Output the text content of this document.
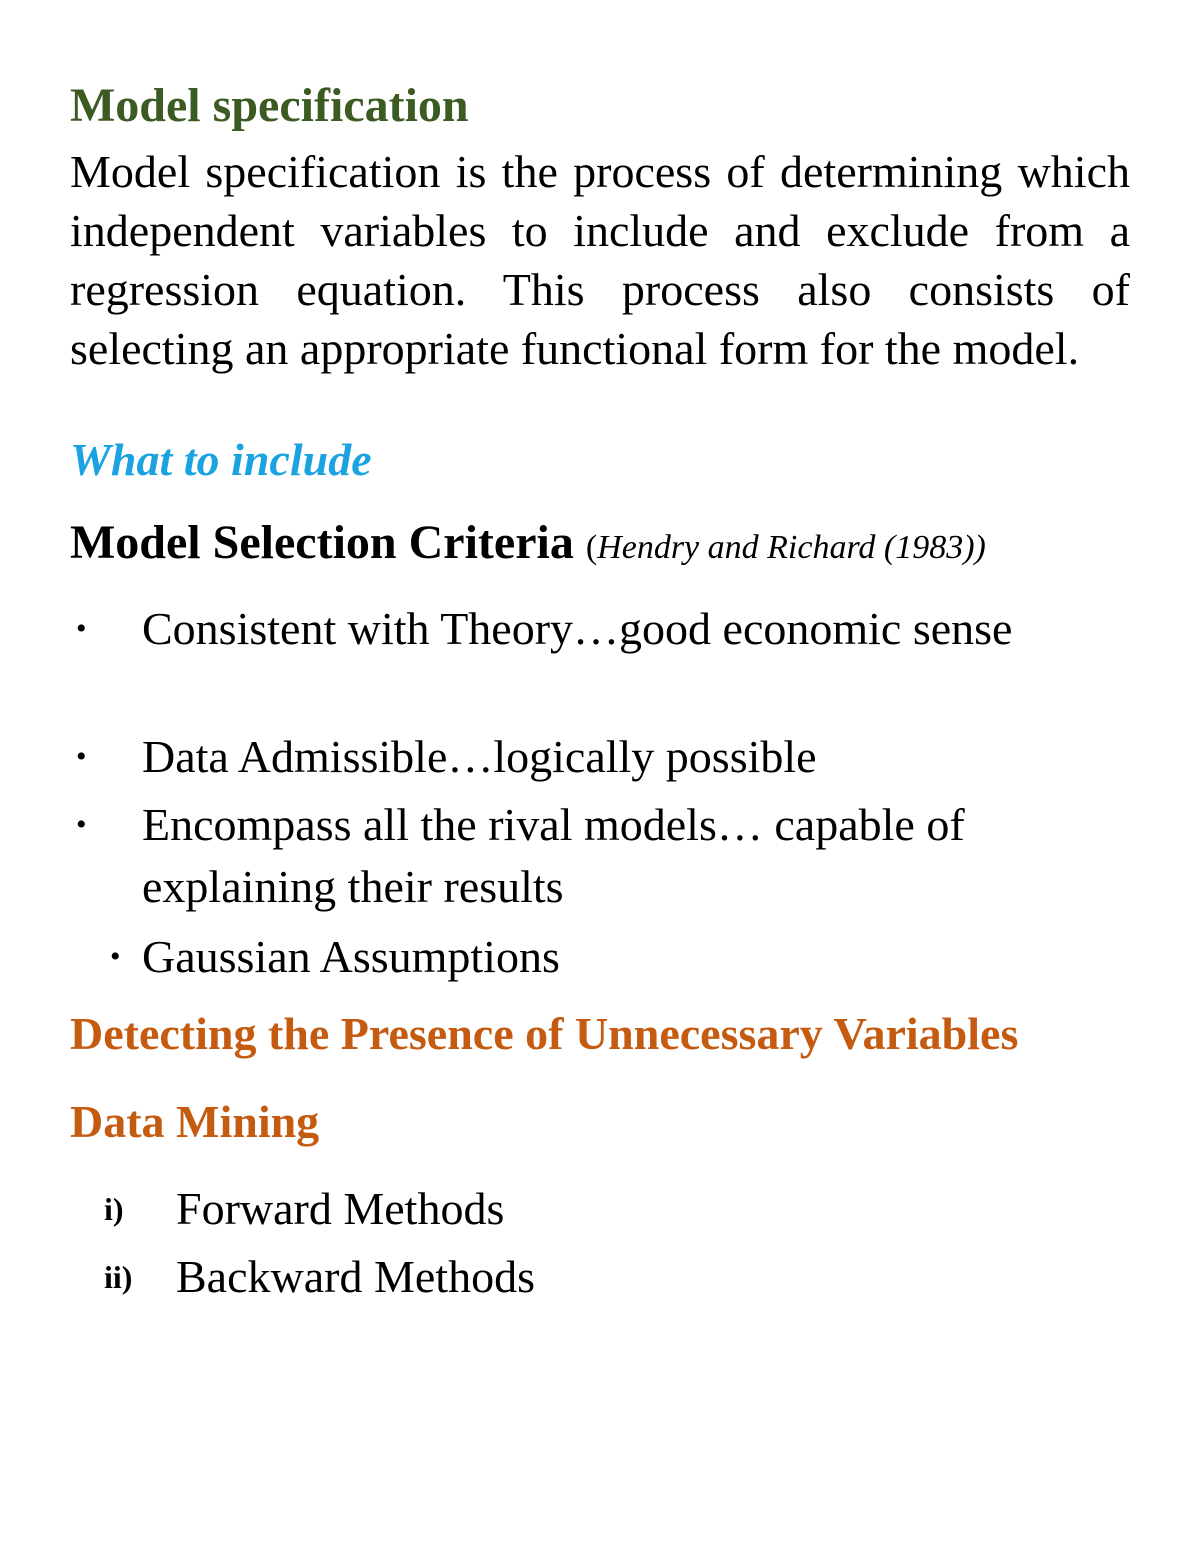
Model specification

Model specification is the process of determining which independent variables to include and exclude from a regression equation. This process also consists of selecting an appropriate functional form for the model.

What to include
Model Selection Criteria (Hendry and Richard (1983))
• Consistent with Theory…good economic sense
• Data Admissible…logically possible
• Encompass all the rival models… capable of explaining their results
• Gaussian Assumptions
Detecting the Presence of Unnecessary Variables
Data Mining
i) Forward Methods
ii) Backward Methods
